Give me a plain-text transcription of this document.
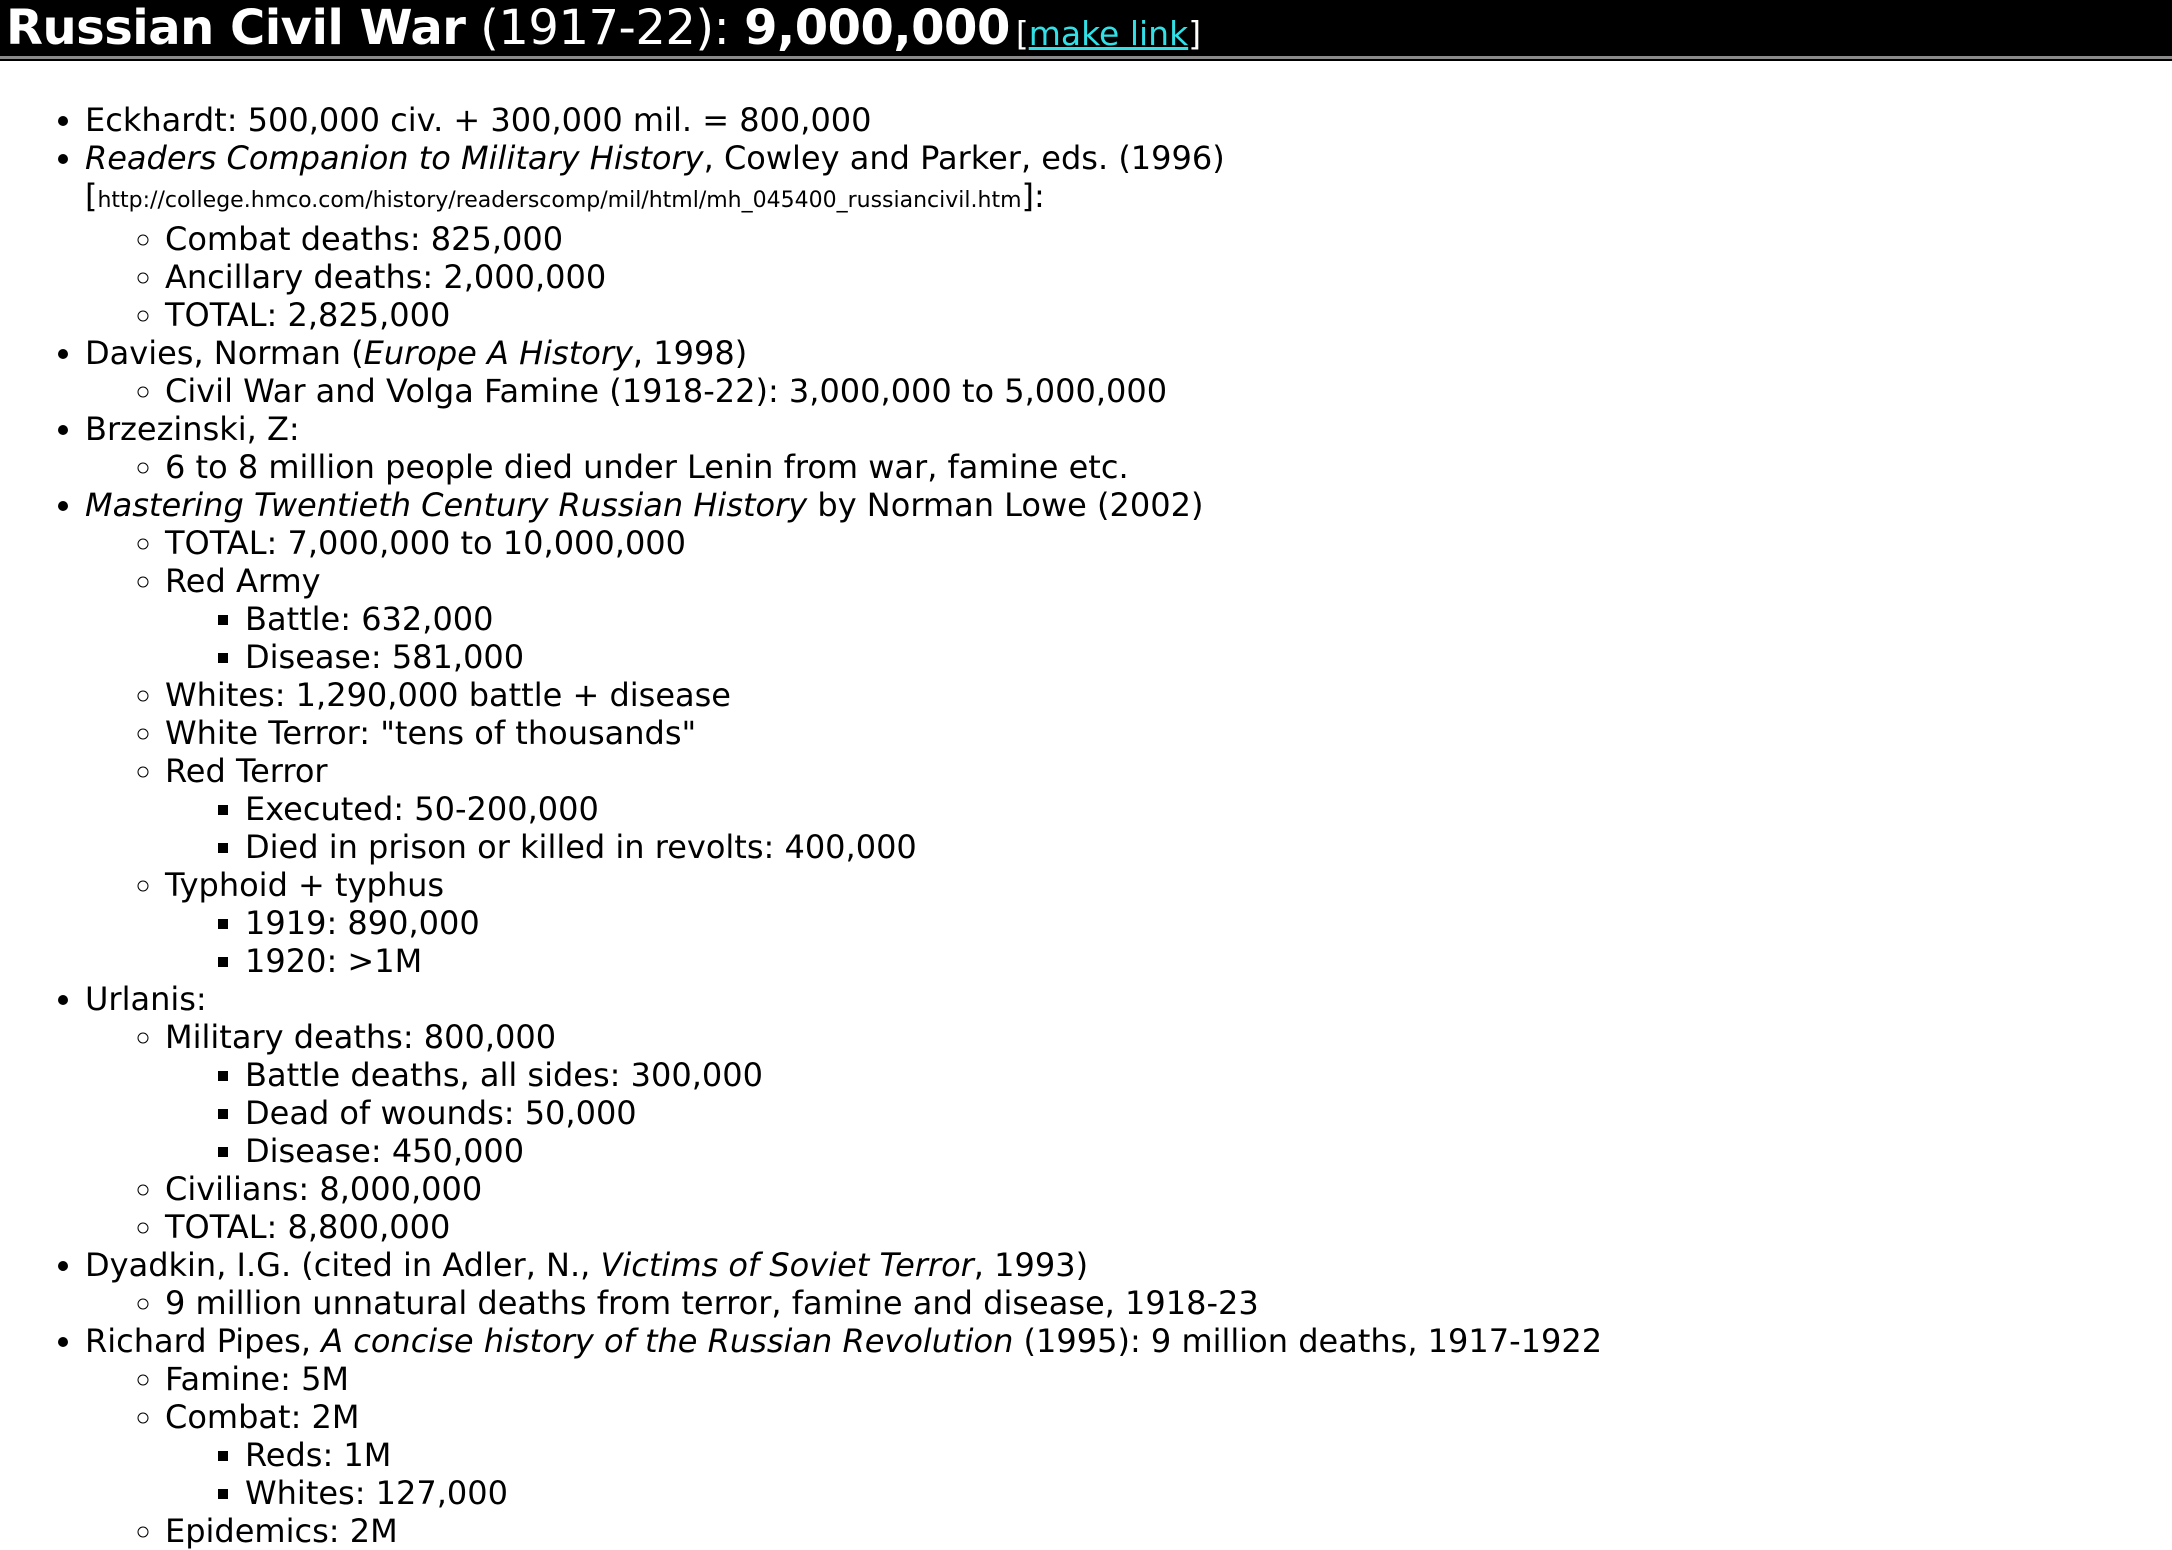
Russian Civil War (1917-22): 9,000,000 [make link]
• Eckhardt: 500,000 civ. + 300,000 mil. = 800,000
• Readers Companion to Military History, Cowley and Parker, eds. (1996) [http://college.hmco.com/history/readerscomp/mil/html/mh_045400_russiancivil.htm]:
◦ Combat deaths: 825,000
◦ Ancillary deaths: 2,000,000
◦ TOTAL: 2,825,000
• Davies, Norman (Europe A History, 1998)
◦ Civil War and Volga Famine (1918-22): 3,000,000 to 5,000,000
• Brzezinski, Z:
◦ 6 to 8 million people died under Lenin from war, famine etc.
• Mastering Twentieth Century Russian History by Norman Lowe (2002)
◦ TOTAL: 7,000,000 to 10,000,000
◦ Red Army
▪ Battle: 632,000
▪ Disease: 581,000
◦ Whites: 1,290,000 battle + disease
◦ White Terror: "tens of thousands"
◦ Red Terror
▪ Executed: 50-200,000
▪ Died in prison or killed in revolts: 400,000
◦ Typhoid + typhus
▪ 1919: 890,000
▪ 1920: >1M
• Urlanis:
◦ Military deaths: 800,000
▪ Battle deaths, all sides: 300,000
▪ Dead of wounds: 50,000
▪ Disease: 450,000
◦ Civilians: 8,000,000
◦ TOTAL: 8,800,000
• Dyadkin, I.G. (cited in Adler, N., Victims of Soviet Terror, 1993)
◦ 9 million unnatural deaths from terror, famine and disease, 1918-23
• Richard Pipes, A concise history of the Russian Revolution (1995): 9 million deaths, 1917-1922
◦ Famine: 5M
◦ Combat: 2M
▪ Reds: 1M
▪ Whites: 127,000
◦ Epidemics: 2M
